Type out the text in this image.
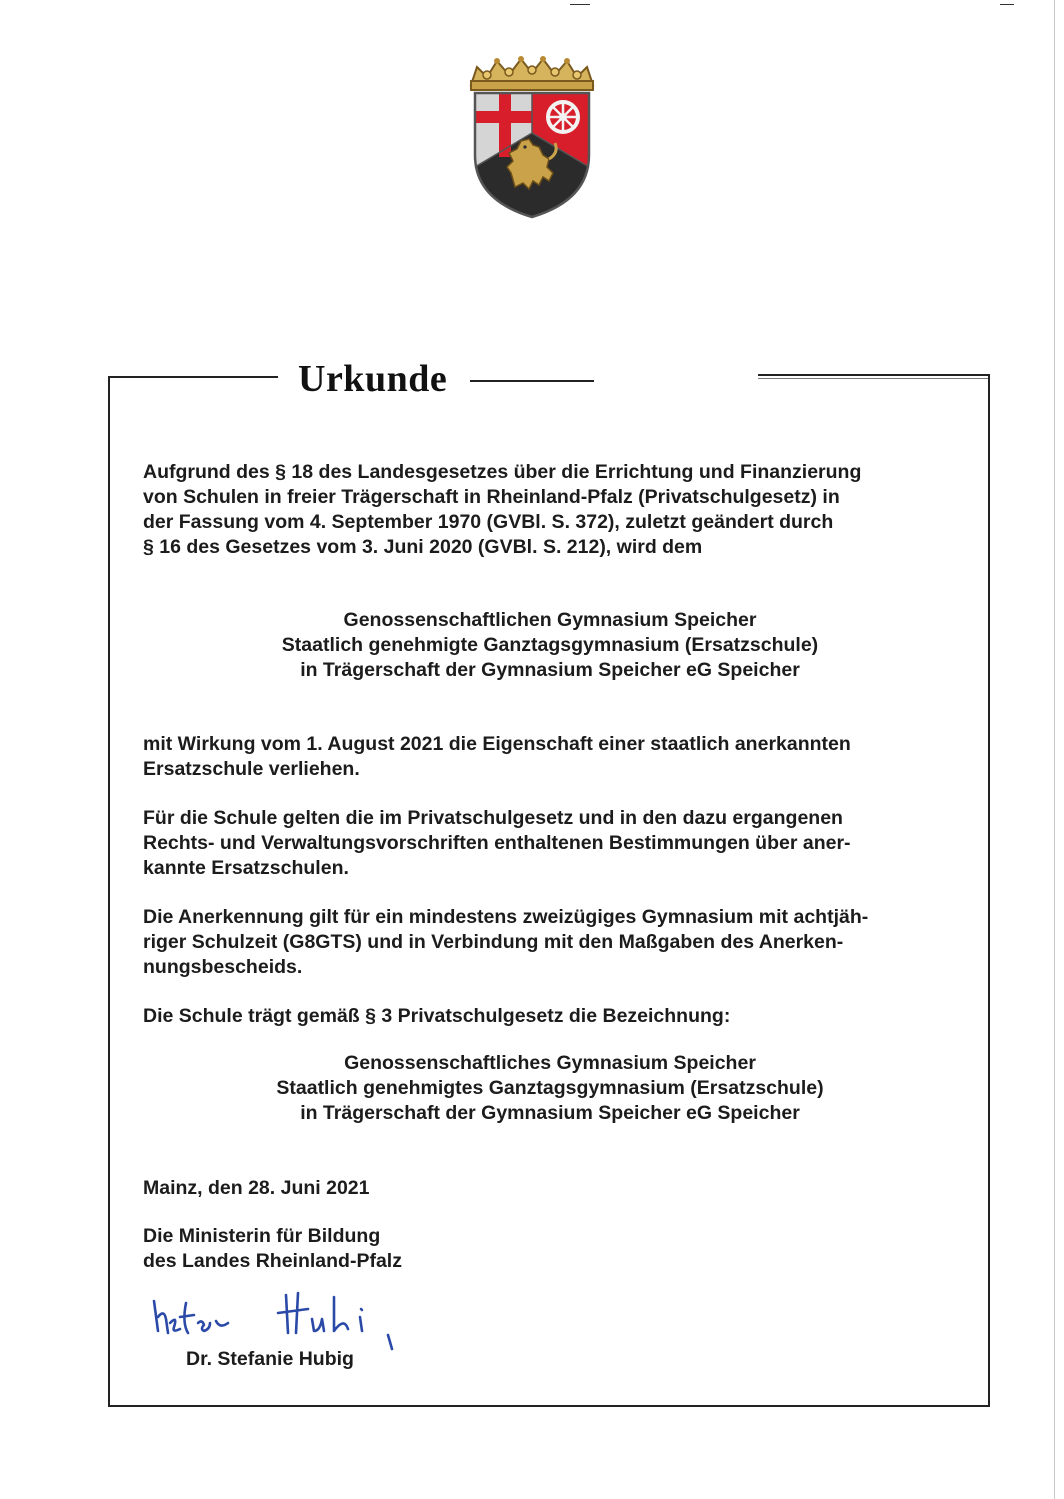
Urkunde
Aufgrund des § 18 des Landesgesetzes über die Errichtung und Finanzierung
von Schulen in freier Trägerschaft in Rheinland-Pfalz (Privatschulgesetz) in
der Fassung vom 4. September 1970 (GVBl. S. 372), zuletzt geändert durch
§ 16 des Gesetzes vom 3. Juni 2020 (GVBl. S. 212), wird dem
Genossenschaftlichen Gymnasium Speicher
Staatlich genehmigte Ganztagsgymnasium (Ersatzschule)
in Trägerschaft der Gymnasium Speicher eG Speicher
mit Wirkung vom 1. August 2021 die Eigenschaft einer staatlich anerkannten
Ersatzschule verliehen.
Für die Schule gelten die im Privatschulgesetz und in den dazu ergangenen
Rechts- und Verwaltungsvorschriften enthaltenen Bestimmungen über aner-
kannte Ersatzschulen.
Die Anerkennung gilt für ein mindestens zweizügiges Gymnasium mit achtjäh-
riger Schulzeit (G8GTS) und in Verbindung mit den Maßgaben des Anerken-
nungsbescheids.
Die Schule trägt gemäß § 3 Privatschulgesetz die Bezeichnung:
Genossenschaftliches Gymnasium Speicher
Staatlich genehmigtes Ganztagsgymnasium (Ersatzschule)
in Trägerschaft der Gymnasium Speicher eG Speicher
Mainz, den 28. Juni 2021
Die Ministerin für Bildung
des Landes Rheinland-Pfalz
Dr. Stefanie Hubig
